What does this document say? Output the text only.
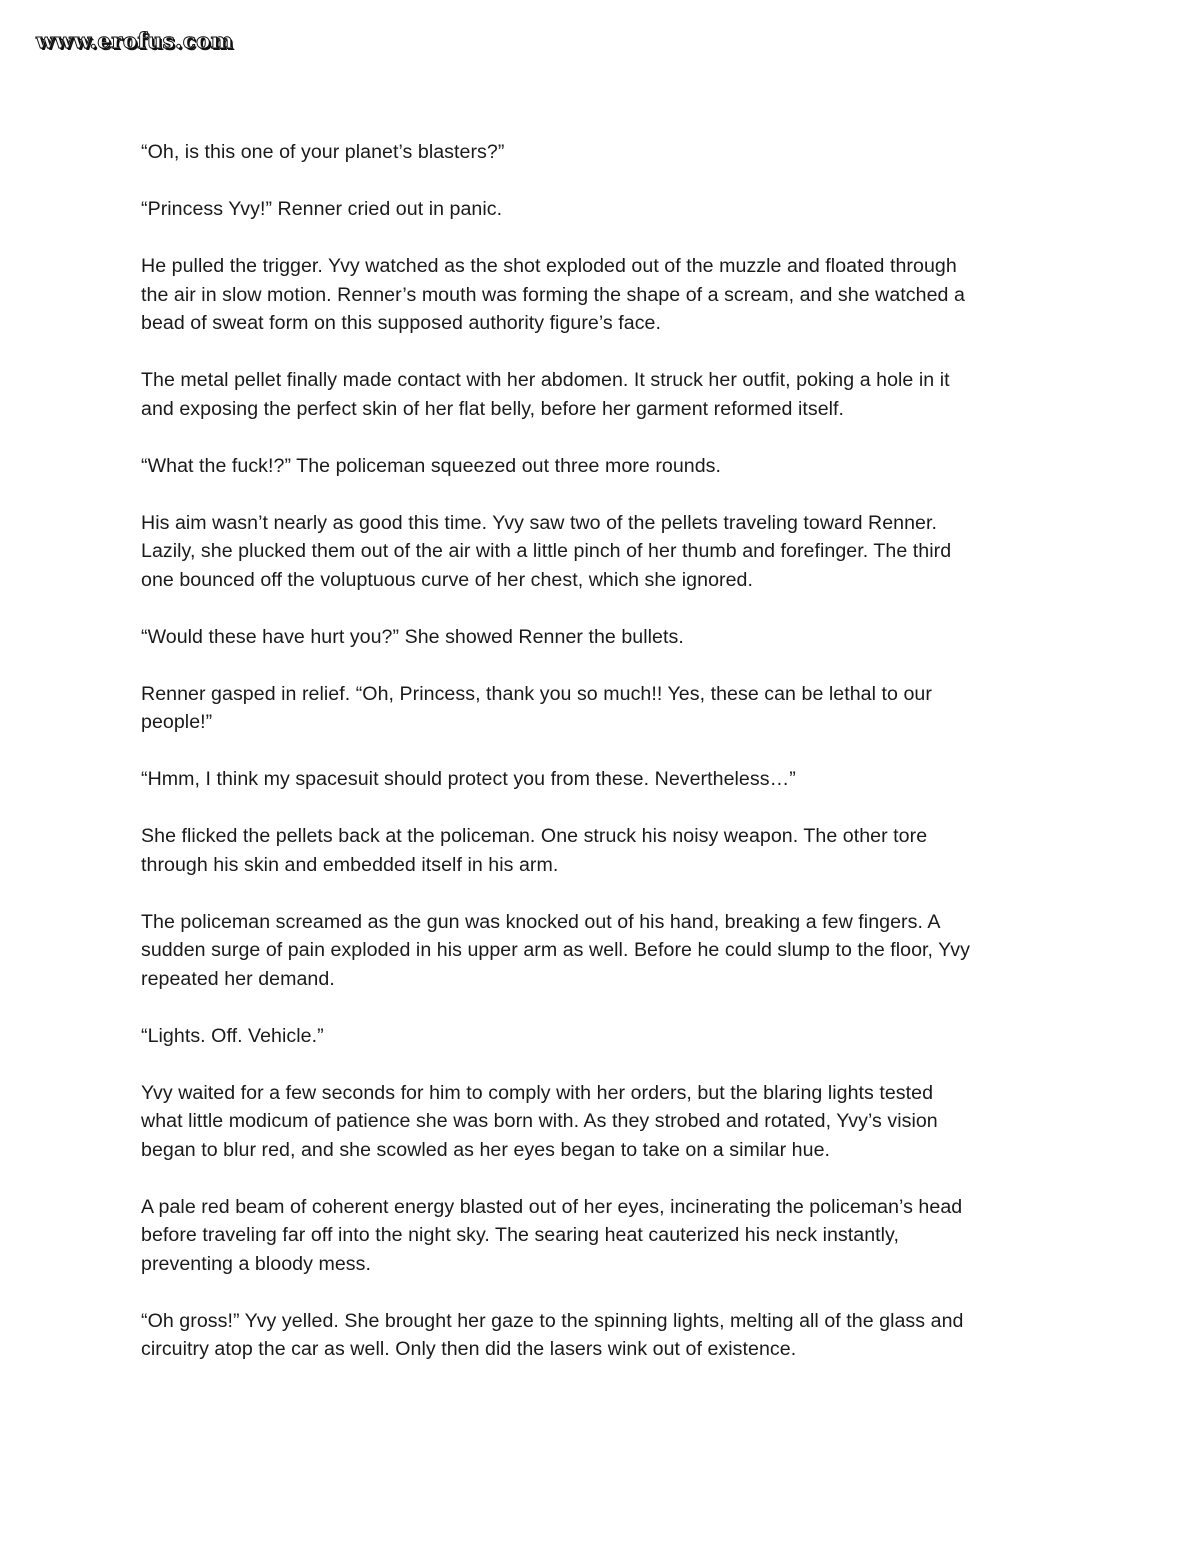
www.erofus.com

“Oh, is this one of your planet’s blasters?”

“Princess Yvy!” Renner cried out in panic.

He pulled the trigger. Yvy watched as the shot exploded out of the muzzle and floated through
the air in slow motion. Renner’s mouth was forming the shape of a scream, and she watched a
bead of sweat form on this supposed authority figure’s face.

The metal pellet finally made contact with her abdomen. It struck her outfit, poking a hole in it
and exposing the perfect skin of her flat belly, before her garment reformed itself.

“What the fuck!?” The policeman squeezed out three more rounds.

His aim wasn’t nearly as good this time. Yvy saw two of the pellets traveling toward Renner.
Lazily, she plucked them out of the air with a little pinch of her thumb and forefinger. The third
one bounced off the voluptuous curve of her chest, which she ignored.

“Would these have hurt you?” She showed Renner the bullets.

Renner gasped in relief. “Oh, Princess, thank you so much!! Yes, these can be lethal to our
people!”

“Hmm, I think my spacesuit should protect you from these. Nevertheless…”

She flicked the pellets back at the policeman. One struck his noisy weapon. The other tore
through his skin and embedded itself in his arm.

The policeman screamed as the gun was knocked out of his hand, breaking a few fingers. A
sudden surge of pain exploded in his upper arm as well. Before he could slump to the floor, Yvy
repeated her demand.

“Lights. Off. Vehicle.”

Yvy waited for a few seconds for him to comply with her orders, but the blaring lights tested
what little modicum of patience she was born with. As they strobed and rotated, Yvy’s vision
began to blur red, and she scowled as her eyes began to take on a similar hue.

A pale red beam of coherent energy blasted out of her eyes, incinerating the policeman’s head
before traveling far off into the night sky. The searing heat cauterized his neck instantly,
preventing a bloody mess.

“Oh gross!” Yvy yelled. She brought her gaze to the spinning lights, melting all of the glass and
circuitry atop the car as well. Only then did the lasers wink out of existence.
